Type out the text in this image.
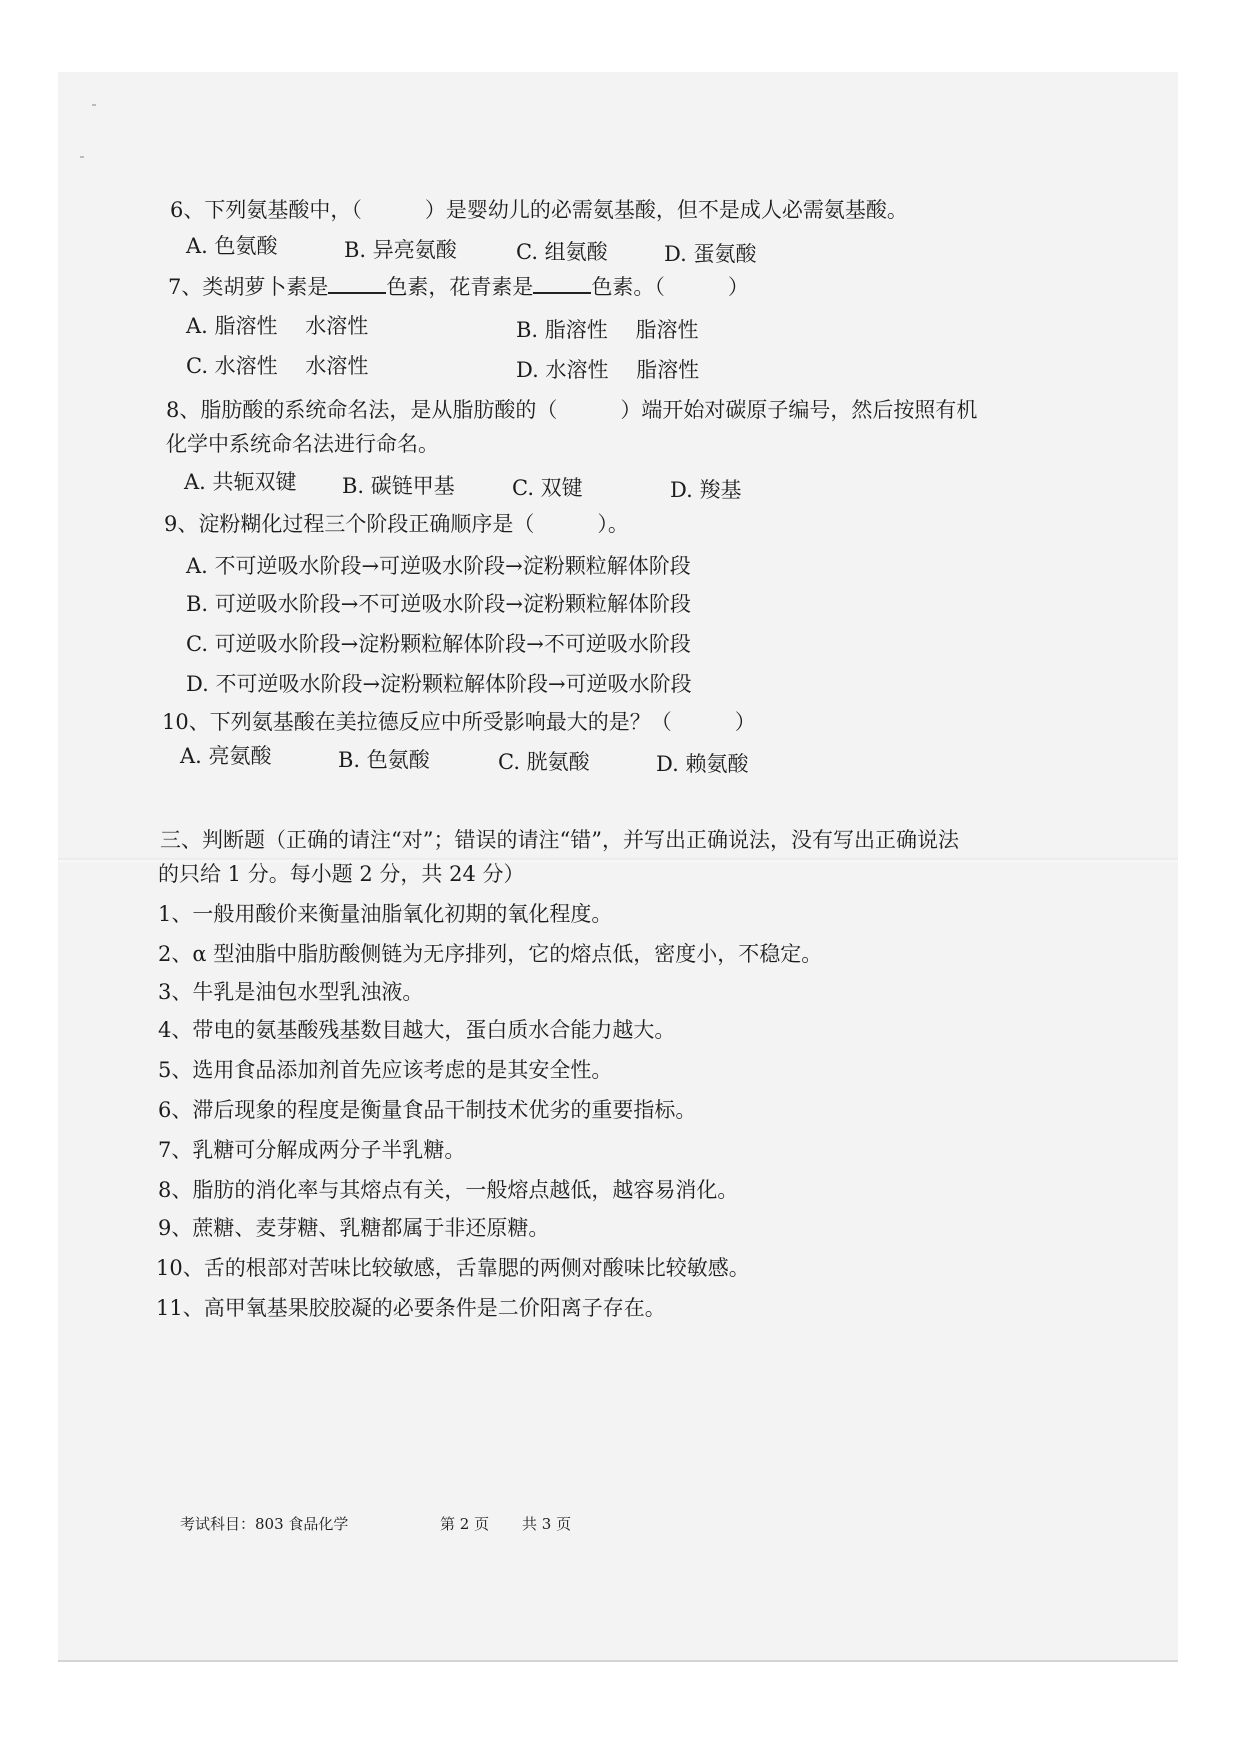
6、下列氨基酸中，（　　　）是婴幼儿的必需氨基酸，但不是成人必需氨基酸。
A. 色氨酸	B. 异亮氨酸	C. 组氨酸	D. 蛋氨酸
7、类胡萝卜素是	色素，花青素是	色素。（　　　）
A. 脂溶性　 水溶性	B. 脂溶性　 脂溶性
C. 水溶性　 水溶性	D. 水溶性　 脂溶性
8、脂肪酸的系统命名法，是从脂肪酸的（　　　）端开始对碳原子编号，然后按照有机
化学中系统命名法进行命名。
A. 共轭双键 B. 碳链甲基	C. 双键	D. 羧基
9、淀粉糊化过程三个阶段正确顺序是（　　　）。
A. 不可逆吸水阶段→可逆吸水阶段→淀粉颗粒解体阶段
B. 可逆吸水阶段→不可逆吸水阶段→淀粉颗粒解体阶段
C. 可逆吸水阶段→淀粉颗粒解体阶段→不可逆吸水阶段
D. 不可逆吸水阶段→淀粉颗粒解体阶段→可逆吸水阶段
10、下列氨基酸在美拉德反应中所受影响最大的是？（　　　）
A. 亮氨酸	B. 色氨酸	C. 胱氨酸	D. 赖氨酸
三、判断题（正确的请注“对”；错误的请注“错”，并写出正确说法，没有写出正确说法
的只给 1 分。每小题 2 分，共 24 分）
1、一般用酸价来衡量油脂氧化初期的氧化程度。
2、α 型油脂中脂肪酸侧链为无序排列，它的熔点低，密度小，不稳定。
3、牛乳是油包水型乳浊液。
4、带电的氨基酸残基数目越大，蛋白质水合能力越大。
5、选用食品添加剂首先应该考虑的是其安全性。
6、滞后现象的程度是衡量食品干制技术优劣的重要指标。
7、乳糖可分解成两分子半乳糖。
8、脂肪的消化率与其熔点有关，一般熔点越低，越容易消化。
9、蔗糖、麦芽糖、乳糖都属于非还原糖。
10、舌的根部对苦味比较敏感，舌靠腮的两侧对酸味比较敏感。
11、高甲氧基果胶胶凝的必要条件是二价阳离子存在。
考试科目：803 食品化学	第 2 页 共 3 页
